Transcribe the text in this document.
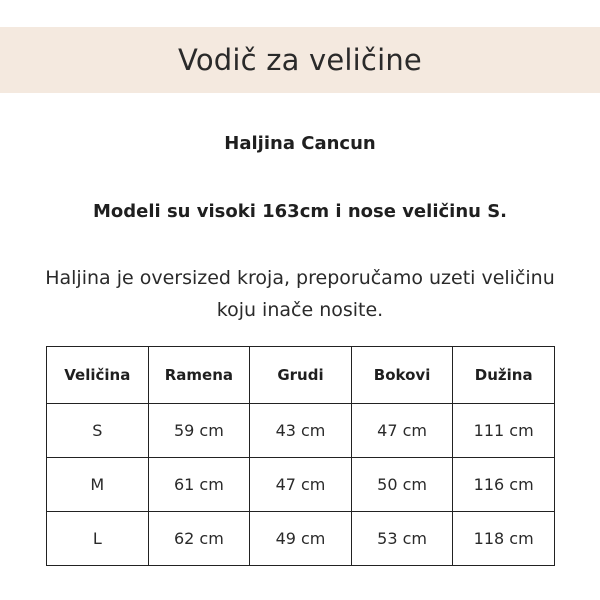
Vodič za veličine
Haljina Cancun
Modeli su visoki 163cm i nose veličinu S.
Haljina je oversized kroja, preporučamo uzeti veličinu koju inače nosite.
Veličina	Ramena	Grudi	Bokovi	Dužina
S	59 cm	43 cm	47 cm	111 cm
M	61 cm	47 cm	50 cm	116 cm
L	62 cm	49 cm	53 cm	118 cm
